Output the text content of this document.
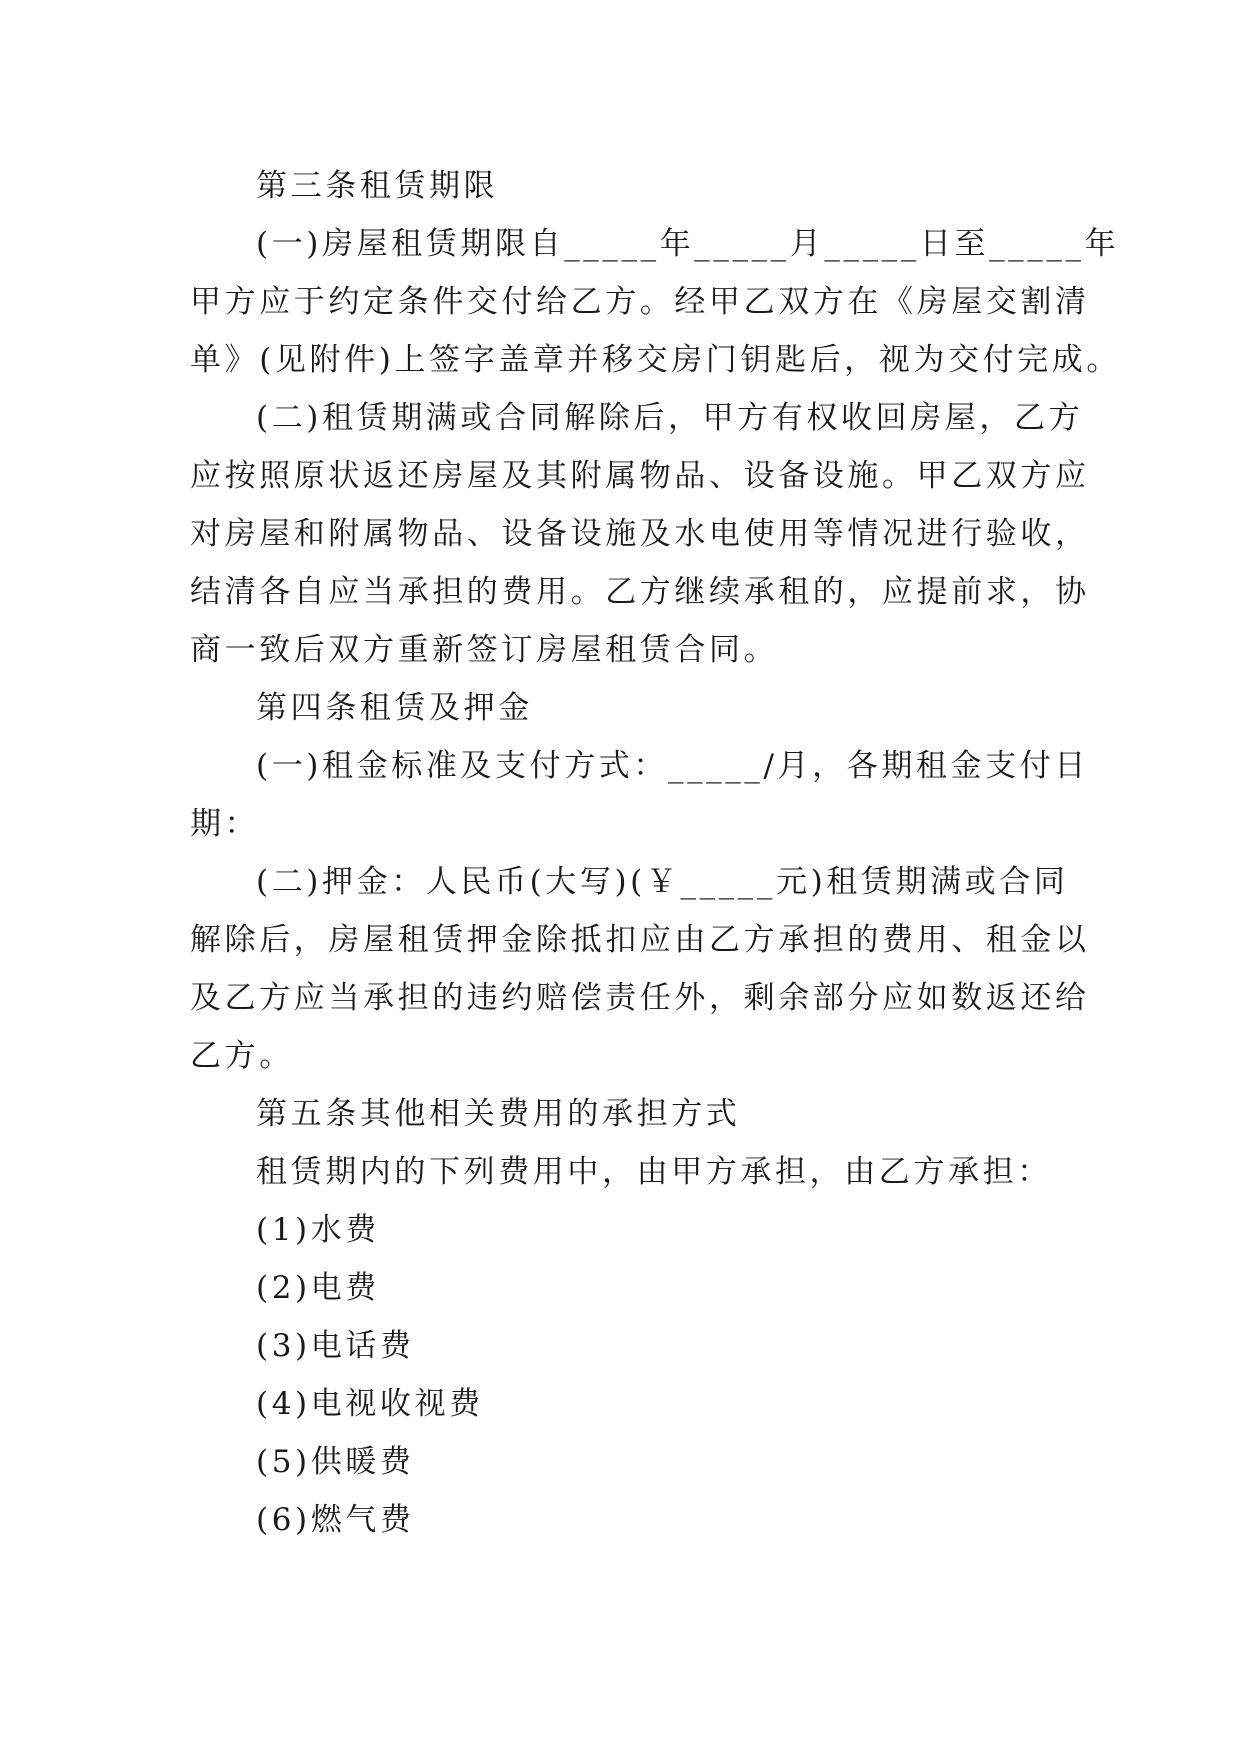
第三条租赁期限
(一)房屋租赁期限自_____年_____月_____日至_____年
甲方应于约定条件交付给乙方。经甲乙双方在《房屋交割清
单》(见附件)上签字盖章并移交房门钥匙后，视为交付完成。
(二)租赁期满或合同解除后，甲方有权收回房屋，乙方
应按照原状返还房屋及其附属物品、设备设施。甲乙双方应
对房屋和附属物品、设备设施及水电使用等情况进行验收，
结清各自应当承担的费用。乙方继续承租的，应提前求，协
商一致后双方重新签订房屋租赁合同。
第四条租赁及押金
(一)租金标准及支付方式：_____/月，各期租金支付日
期：
(二)押金：人民币(大写)(￥_____元)租赁期满或合同
解除后，房屋租赁押金除抵扣应由乙方承担的费用、租金以
及乙方应当承担的违约赔偿责任外，剩余部分应如数返还给
乙方。
第五条其他相关费用的承担方式
租赁期内的下列费用中，由甲方承担，由乙方承担：
(1)水费
(2)电费
(3)电话费
(4)电视收视费
(5)供暖费
(6)燃气费
